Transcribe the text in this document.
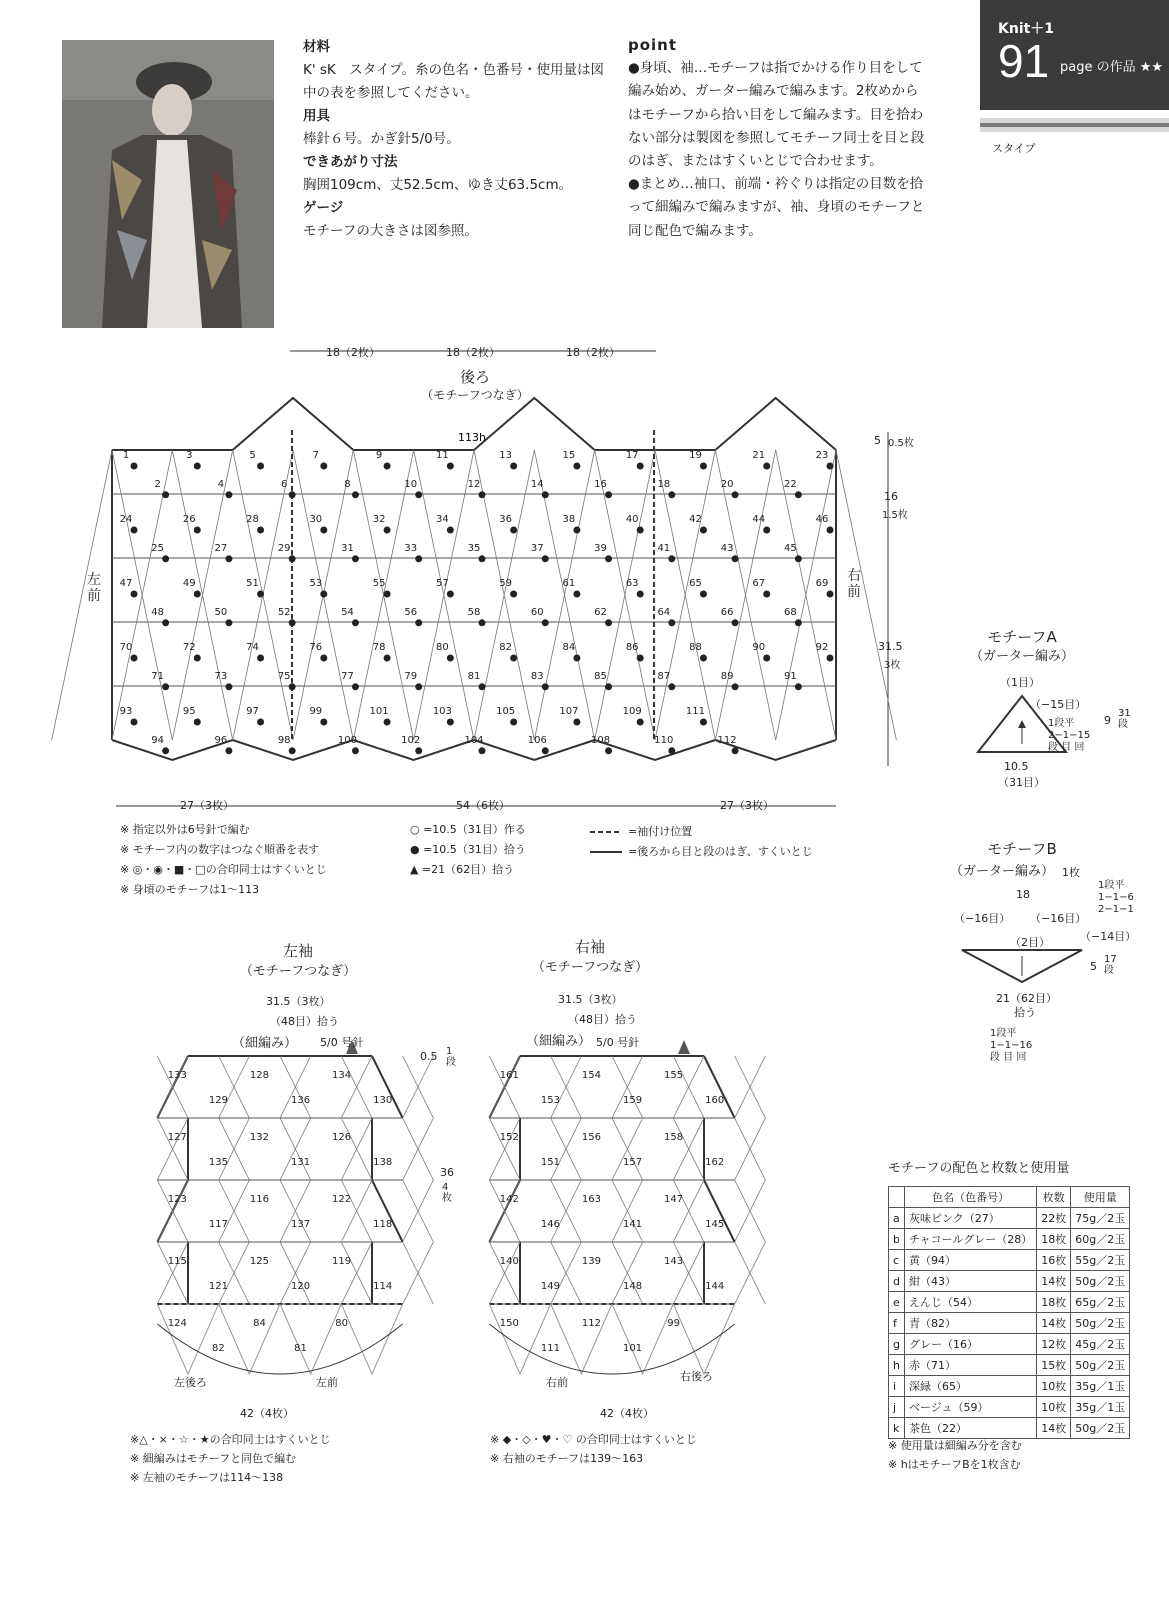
材料
K' sK　スタイプ。糸の色名・色番号・使用量は図中の表を参照してください。
用具
棒針６号。かぎ針5/0号。
できあがり寸法
胸囲109cm、丈52.5cm、ゆき丈63.5cm。
ゲージ
モチーフの大きさは図参照。
point
●身頃、袖…モチーフは指でかける作り目をして編み始め、ガーター編みで編みます。2枚めからはモチーフから拾い目をして編みます。目を拾わない部分は製図を参照してモチーフ同士を目と段のはぎ、またはすくいとじで合わせます。
●まとめ…袖口、前端・衿ぐりは指定の目数を拾って細編みで編みますが、袖、身頃のモチーフと同じ配色で編みます。
Knit＋1
91 page の作品 ★★
スタイプ
18（2枚）	18（2枚）	18（2枚）
後ろ
（モチーフつなぎ）
左前
右前
27（3枚）	54（6枚）	27（3枚）
5 0.5枚
16
1.5枚
31.5
3枚
1
2
3
4
5
6
7
8
9
10
11
12
13
14
15
16
17
18
19
20
21
22
23
24
25
26
27
28
29
30
31
32
33
34
35
36
37
38
39
40
41
42
43
44
45
46
47
48
49
50
51
52
53
54
55
56
57
58
59
60
61
62
63
64
65
66
67
68
69
70
71
72
73
74
75
76
77
78
79
80
81
82
83
84
85
86
87
88
89
90
91
92
93
94
95
96
97
98
99
100
101
102
103
104
105
106
107
108
109
110
111
112
113h
133
129
128
136
134
130
127
135
132
131
126
138
123
117
116
137
122
118
115
121
125
120
119
114
124
82
84
81
80
161
153
154
159
155
160
152
151
156
157
158
162
142
146
163
141
147
145
140
149
139
148
143
144
150
111
112
101
99
※ 指定以外は6号針で編む
※ モチーフ内の数字はつなぐ順番を表す
※ ◎・◉・■・□の合印同士はすくいとじ
※ 身頃のモチーフは1〜113
○ =10.5（31目）作る
● =10.5（31目）拾う
▲ =21（62目）拾う
=袖付け位置
=後ろから目と段のはぎ、すくいとじ
モチーフA
（ガーター編み）
（1目）
（−15目）
1段平
2−1−15
段 目 回
9
31段
10.5
（31目）
モチーフB
（ガーター編み） 1枚
18
（−16目） （−16目）
（−14目）
（2目）
1段平
1−1−6
2−1−1
5
17段
21（62目）
拾う
1段平
1−1−16
段 目 回
左袖
（モチーフつなぎ）
31.5（3枚）
（48目）拾う
（細編み） 5/0 号針
0.5 1段
36
4枚
左後ろ	左前
42（4枚）
※△・×・☆・★の合印同士はすくいとじ
※ 細編みはモチーフと同色で編む
※ 左袖のモチーフは114〜138
右袖
（モチーフつなぎ）
31.5（3枚）
（48目）拾う
（細編み） 5/0 号針
右前	右後ろ
42（4枚）
※ ◆・◇・♥・♡ の合印同士はすくいとじ
※ 右袖のモチーフは139〜163
モチーフの配色と枚数と使用量
	色名（色番号）	枚数	使用量
a	灰味ピンク（27）	22枚	75g／2玉
b	チャコールグレー（28）	18枚	60g／2玉
c	黄（94）	16枚	55g／2玉
d	紺（43）	14枚	50g／2玉
e	えんじ（54）	18枚	65g／2玉
f	青（82）	14枚	50g／2玉
g	グレー（16）	12枚	45g／2玉
h	赤（71）	15枚	50g／2玉
i	深緑（65）	10枚	35g／1玉
j	ベージュ（59）	10枚	35g／1玉
k	茶色（22）	14枚	50g／2玉
※ 使用量は細編み分を含む
※ hはモチーフBを1枚含む
